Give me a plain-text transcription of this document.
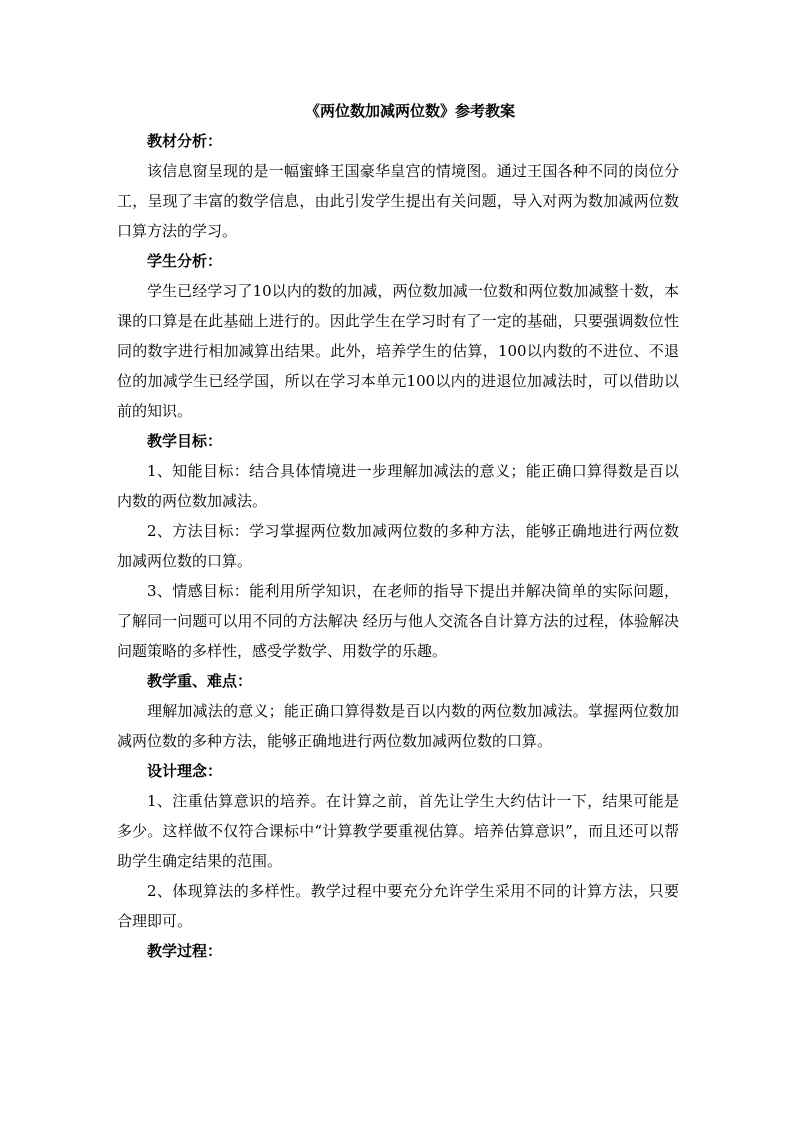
《两位数加减两位数》参考教案

教材分析：

该信息窗呈现的是一幅蜜蜂王国豪华皇宫的情境图。通过王国各种不同的岗位分工，呈现了丰富的数学信息，由此引发学生提出有关问题，导入对两为数加减两位数口算方法的学习。

学生分析：

学生已经学习了10以内的数的加减，两位数加减一位数和两位数加减整十数，本课的口算是在此基础上进行的。因此学生在学习时有了一定的基础，只要强调数位性同的数字进行相加减算出结果。此外，培养学生的估算，100以内数的不进位、不退位的加减学生已经学国，所以在学习本单元100以内的进退位加减法时，可以借助以前的知识。

教学目标：

1、知能目标：结合具体情境进一步理解加减法的意义；能正确口算得数是百以内数的两位数加减法。

2、方法目标：学习掌握两位数加减两位数的多种方法，能够正确地进行两位数加减两位数的口算。

3、情感目标：能利用所学知识，在老师的指导下提出并解决简单的实际问题，了解同一问题可以用不同的方法解决 经历与他人交流各自计算方法的过程，体验解决问题策略的多样性，感受学数学、用数学的乐趣。

教学重、难点：

理解加减法的意义；能正确口算得数是百以内数的两位数加减法。掌握两位数加减两位数的多种方法，能够正确地进行两位数加减两位数的口算。

设计理念：

1、注重估算意识的培养。在计算之前，首先让学生大约估计一下，结果可能是多少。这样做不仅符合课标中“计算教学要重视估算。培养估算意识”，而且还可以帮助学生确定结果的范围。

2、体现算法的多样性。教学过程中要充分允许学生采用不同的计算方法，只要合理即可。

教学过程：
